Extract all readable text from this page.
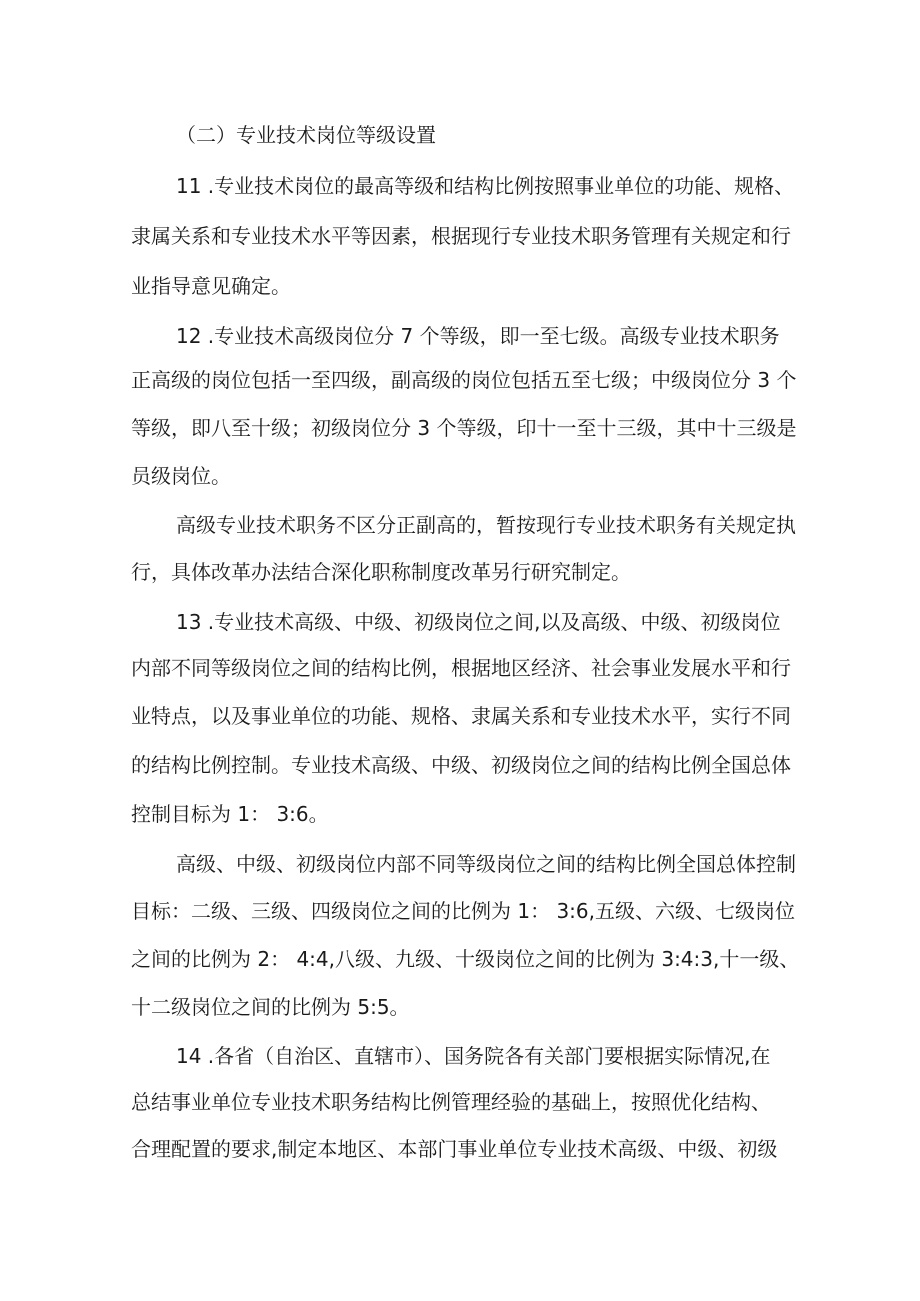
（二）专业技术岗位等级设置
11 .专业技术岗位的最高等级和结构比例按照事业单位的功能、规格、
隶属关系和专业技术水平等因素，根据现行专业技术职务管理有关规定和行
业指导意见确定。
12 .专业技术高级岗位分 7 个等级，即一至七级。高级专业技术职务
正高级的岗位包括一至四级，副高级的岗位包括五至七级；中级岗位分 3 个
等级，即八至十级；初级岗位分 3 个等级，印十一至十三级，其中十三级是
员级岗位。
高级专业技术职务不区分正副高的，暂按现行专业技术职务有关规定执
行，具体改革办法结合深化职称制度改革另行研究制定。
13 .专业技术高级、中级、初级岗位之间,以及高级、中级、初级岗位
内部不同等级岗位之间的结构比例，根据地区经济、社会事业发展水平和行
业特点，以及事业单位的功能、规格、隶属关系和专业技术水平，实行不同
的结构比例控制。专业技术高级、中级、初级岗位之间的结构比例全国总体
控制目标为 1： 3:6。
高级、中级、初级岗位内部不同等级岗位之间的结构比例全国总体控制
目标：二级、三级、四级岗位之间的比例为 1： 3:6,五级、六级、七级岗位
之间的比例为 2： 4:4,八级、九级、十级岗位之间的比例为 3:4:3,十一级、
十二级岗位之间的比例为 5:5。
14 .各省（自治区、直辖市）、国务院各有关部门要根据实际情况,在
总结事业单位专业技术职务结构比例管理经验的基础上，按照优化结构、
合理配置的要求,制定本地区、本部门事业单位专业技术高级、中级、初级
